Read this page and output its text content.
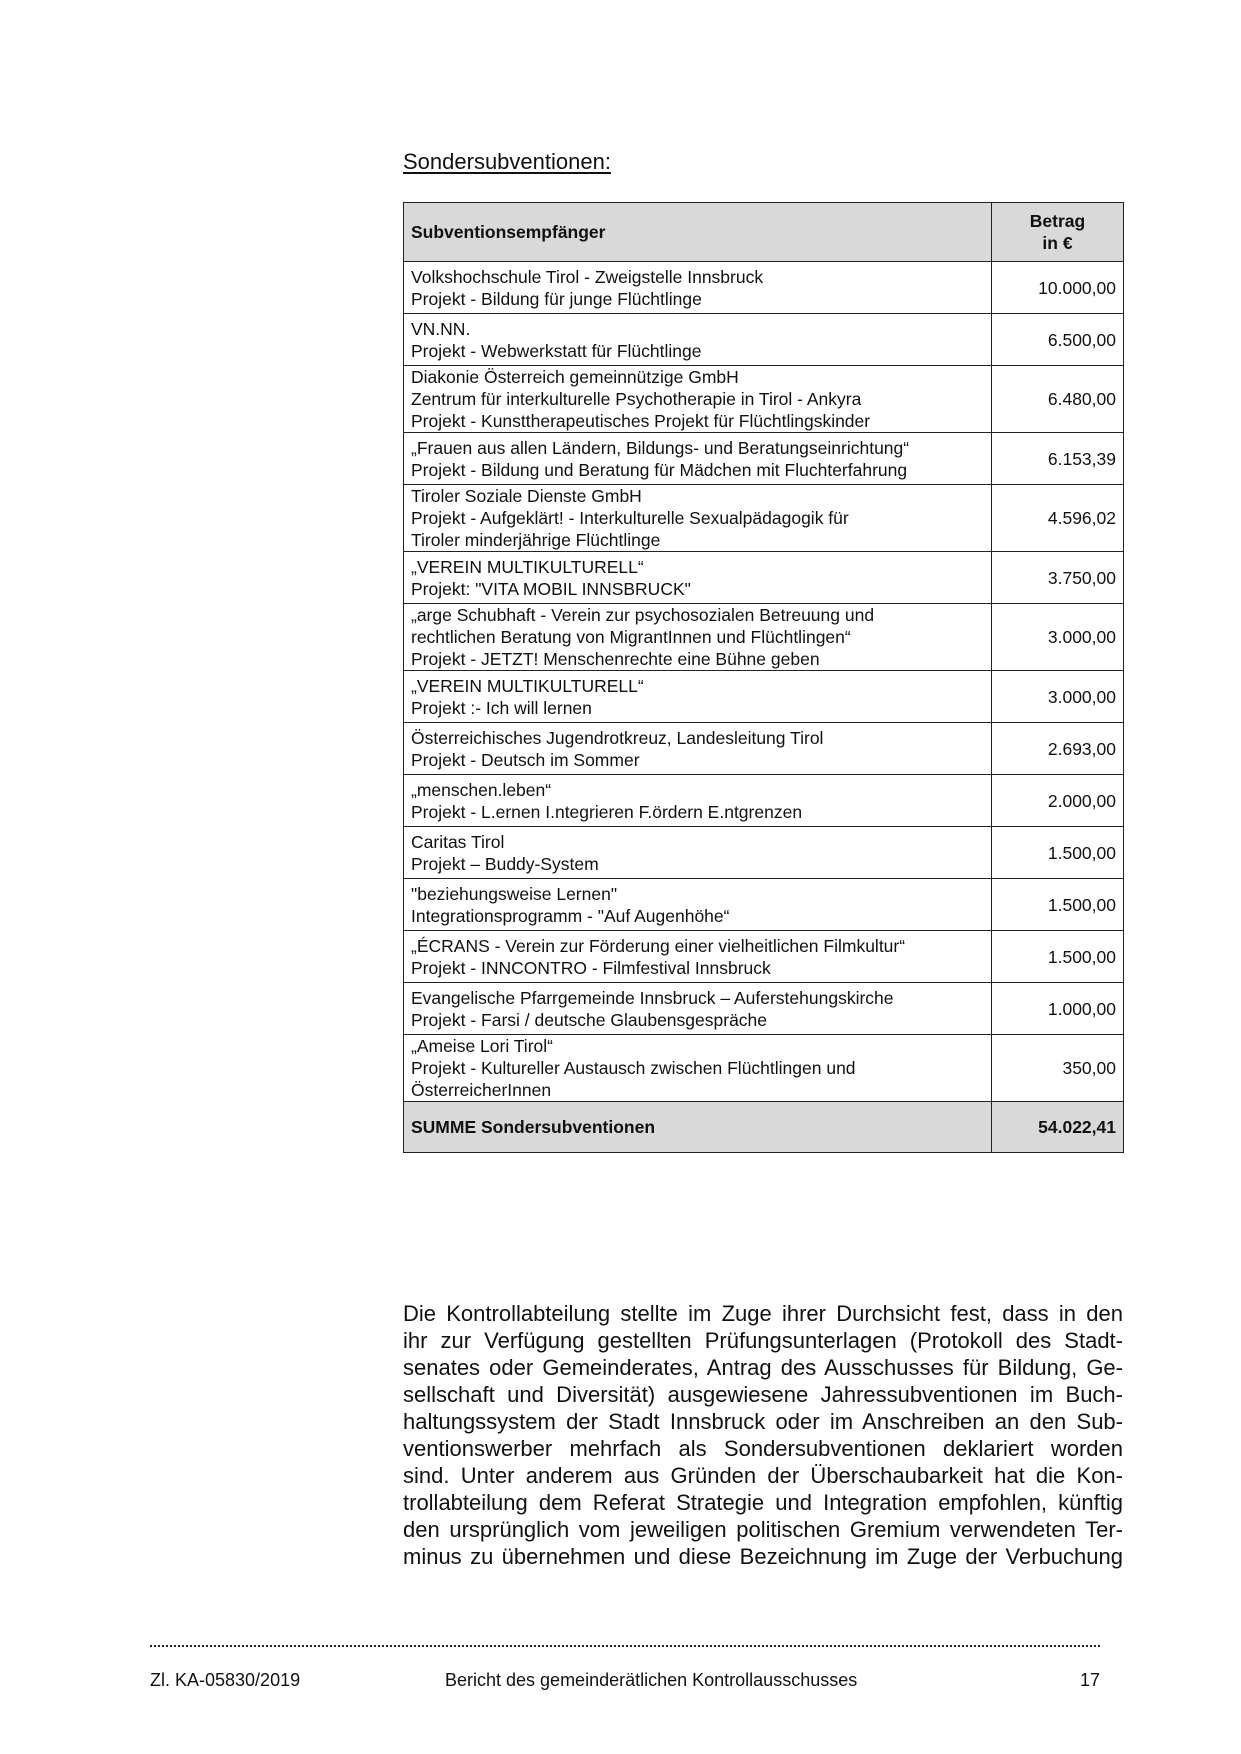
Sondersubventionen:
Subventionsempfänger	Betrag
in €

Volkshochschule Tirol - Zweigstelle Innsbruck
Projekt - Bildung für junge Flüchtlinge	10.000,00

VN.NN.
Projekt - Webwerkstatt für Flüchtlinge	6.500,00

Diakonie Österreich gemeinnützige GmbH
Zentrum für interkulturelle Psychotherapie in Tirol - Ankyra
Projekt - Kunsttherapeutisches Projekt für Flüchtlingskinder	6.480,00

„Frauen aus allen Ländern, Bildungs- und Beratungseinrichtung“
Projekt - Bildung und Beratung für Mädchen mit Fluchterfahrung	6.153,39

Tiroler Soziale Dienste GmbH
Projekt - Aufgeklärt! - Interkulturelle Sexualpädagogik für
Tiroler minderjährige Flüchtlinge	4.596,02

„VEREIN MULTIKULTURELL“
Projekt: "VITA MOBIL INNSBRUCK"	3.750,00

„arge Schubhaft - Verein zur psychosozialen Betreuung und
rechtlichen Beratung von MigrantInnen und Flüchtlingen“
Projekt - JETZT! Menschenrechte eine Bühne geben	3.000,00

„VEREIN MULTIKULTURELL“
Projekt :- Ich will lernen	3.000,00

Österreichisches Jugendrotkreuz, Landesleitung Tirol
Projekt - Deutsch im Sommer	2.693,00

„menschen.leben“
Projekt - L.ernen I.ntegrieren F.ördern E.ntgrenzen	2.000,00

Caritas Tirol
Projekt – Buddy-System	1.500,00

"beziehungsweise Lernen"
Integrationsprogramm - "Auf Augenhöhe“	1.500,00

„ÉCRANS - Verein zur Förderung einer vielheitlichen Filmkultur“
Projekt - INNCONTRO - Filmfestival Innsbruck	1.500,00

Evangelische Pfarrgemeinde Innsbruck – Auferstehungskirche
Projekt - Farsi / deutsche Glaubensgespräche	1.000,00

„Ameise Lori Tirol“
Projekt - Kultureller Austausch zwischen Flüchtlingen und
ÖsterreicherInnen	350,00
SUMME Sondersubventionen	54.022,41
Die Kontrollabteilung stellte im Zuge ihrer Durchsicht fest, dass in den
ihr zur Verfügung gestellten Prüfungsunterlagen (Protokoll des Stadt-
senates oder Gemeinderates, Antrag des Ausschusses für Bildung, Ge-
sellschaft und Diversität) ausgewiesene Jahressubventionen im Buch-
haltungssystem der Stadt Innsbruck oder im Anschreiben an den Sub-
ventionswerber mehrfach als Sondersubventionen deklariert worden
sind. Unter anderem aus Gründen der Überschaubarkeit hat die Kon-
trollabteilung dem Referat Strategie und Integration empfohlen, künftig
den ursprünglich vom jeweiligen politischen Gremium verwendeten Ter-
minus zu übernehmen und diese Bezeichnung im Zuge der Verbuchung
Zl. KA-05830/2019	Bericht des gemeinderätlichen Kontrollausschusses	17
